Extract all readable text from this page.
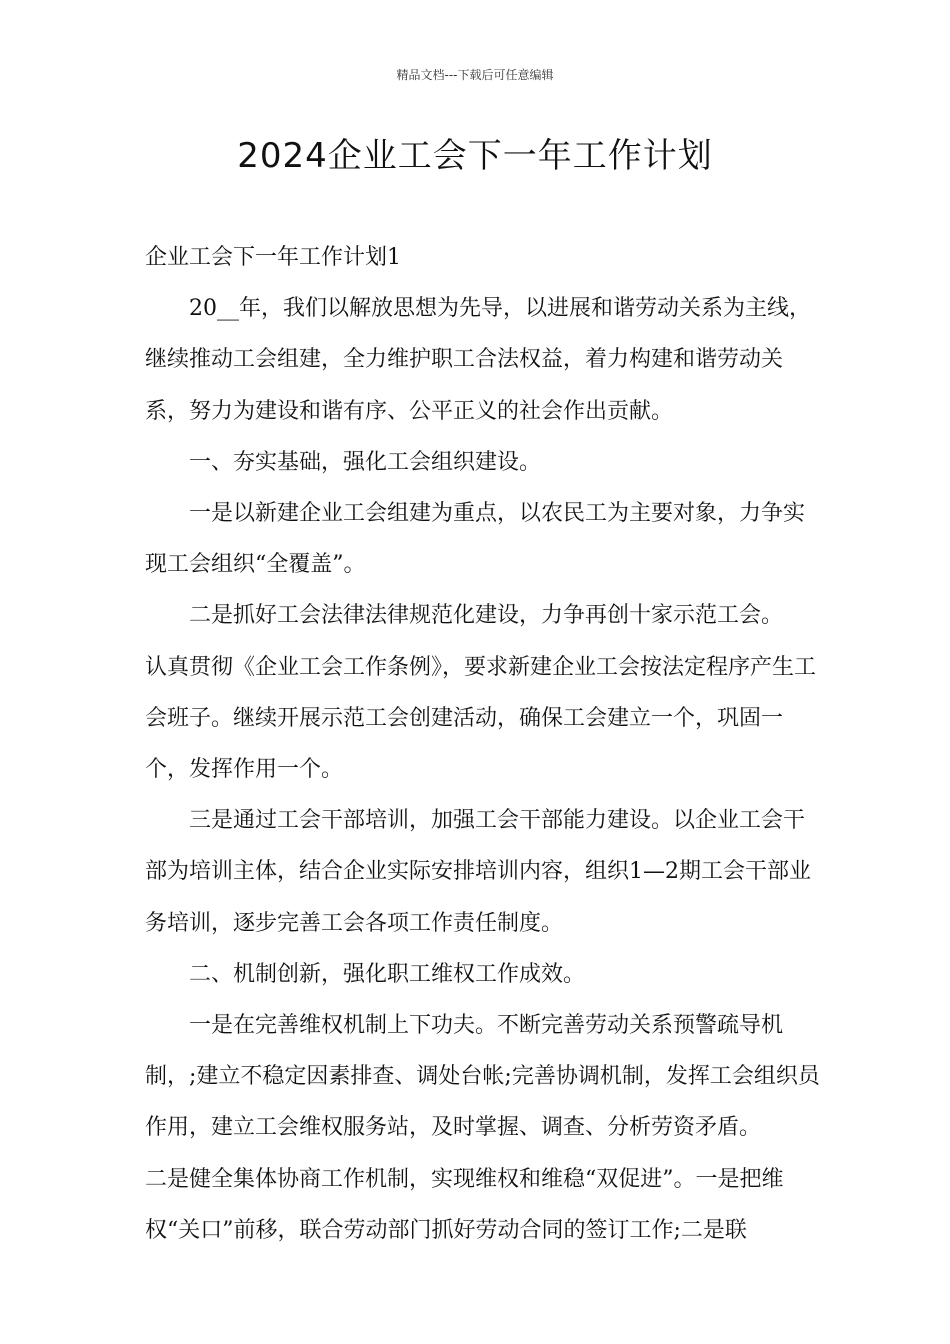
精品文档---下载后可任意编辑
2024企业工会下一年工作计划

企业工会下一年工作计划1

20__年，我们以解放思想为先导，以进展和谐劳动关系为主线，继续推动工会组建，全力维护职工合法权益，着力构建和谐劳动关系，努力为建设和谐有序、公平正义的社会作出贡献。

一、夯实基础，强化工会组织建设。

一是以新建企业工会组建为重点，以农民工为主要对象，力争实现工会组织“全覆盖”。

二是抓好工会法律法律规范化建设，力争再创十家示范工会。

认真贯彻《企业工会工作条例》，要求新建企业工会按法定程序产生工会班子。继续开展示范工会创建活动，确保工会建立一个，巩固一个，发挥作用一个。

三是通过工会干部培训，加强工会干部能力建设。以企业工会干部为培训主体，结合企业实际安排培训内容，组织1—2期工会干部业务培训，逐步完善工会各项工作责任制度。

二、机制创新，强化职工维权工作成效。

一是在完善维权机制上下功夫。不断完善劳动关系预警疏导机制，;建立不稳定因素排查、调处台帐;完善协调机制，发挥工会组织员作用，建立工会维权服务站，及时掌握、调查、分析劳资矛盾。

二是健全集体协商工作机制，实现维权和维稳“双促进”。一是把维权“关口”前移，联合劳动部门抓好劳动合同的签订工作;二是联
